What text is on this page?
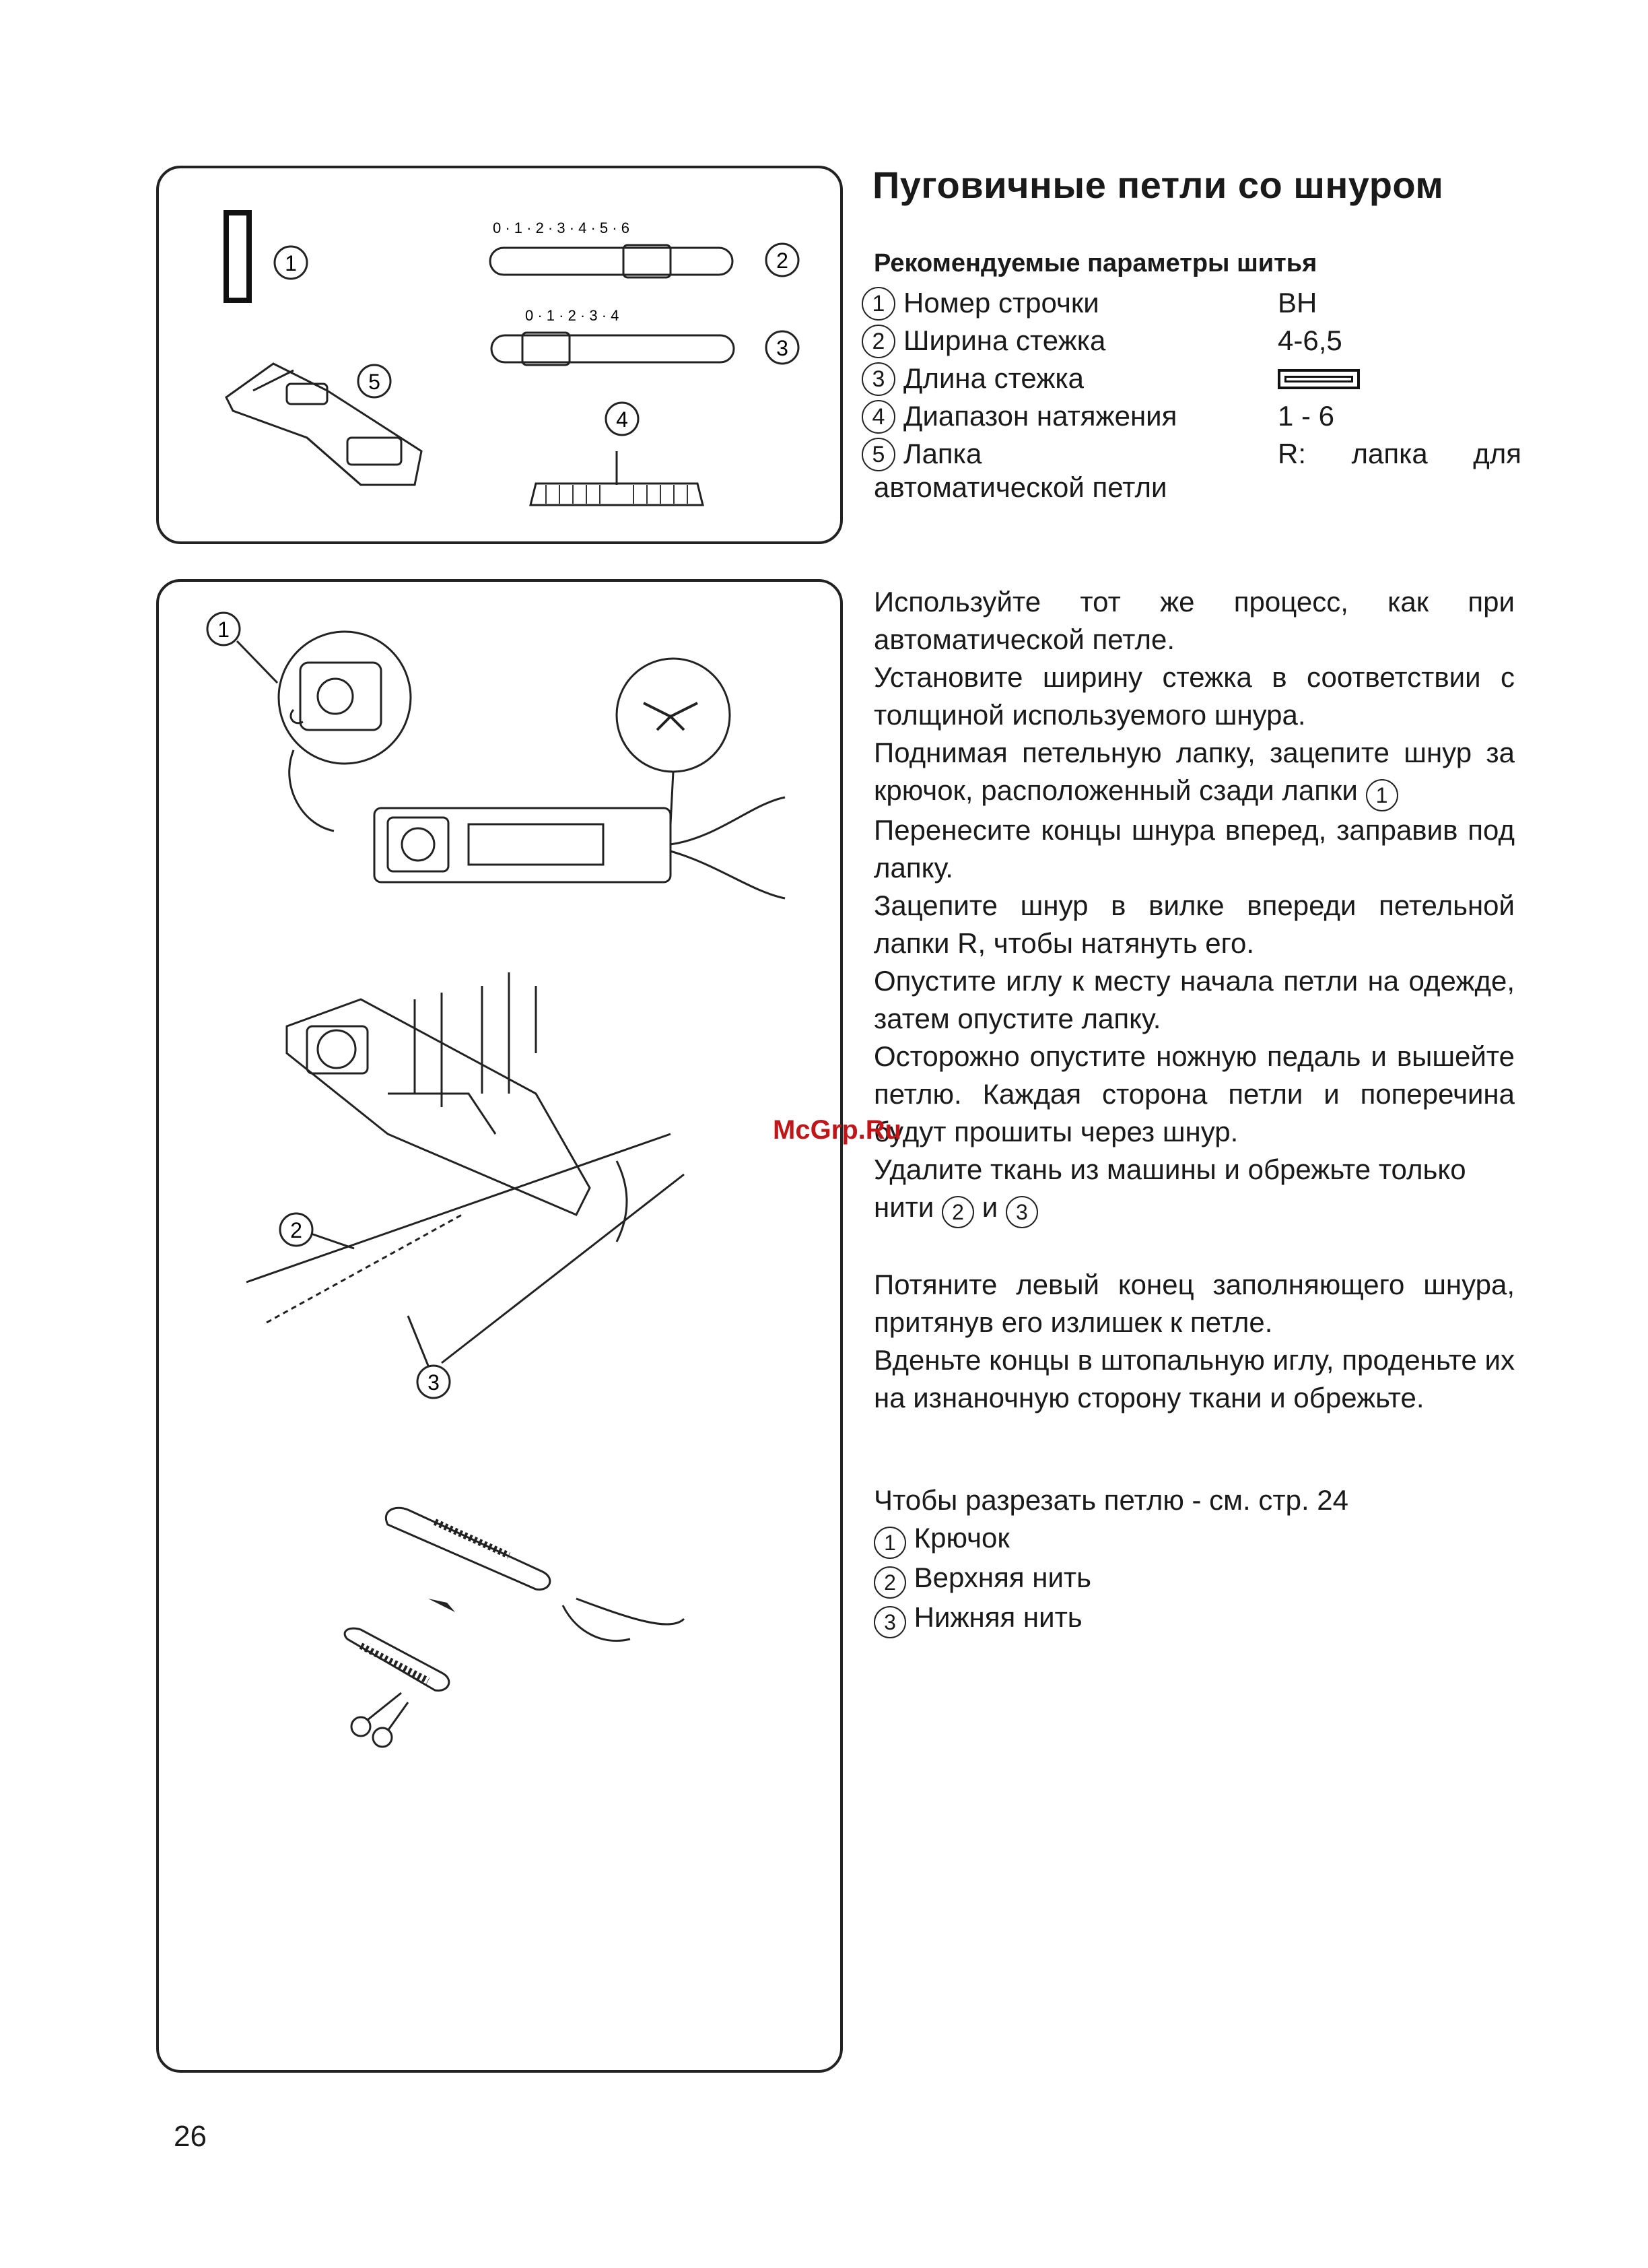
1
0 · 1 · 2 · 3 · 4 · 5 · 6
2
0 · 1 · 2 · 3 · 4
3
4
5
1
2
3
Пуговичные петли со шнуром
Рекомендуемые параметры шитья
1 Номер строчки	BH
2 Ширина стежка	4-6,5
3 Длина стежка
4 Диапазон натяжения	1 - 6
5 Лапка	R: лапка для
автоматической петли

Используйте тот же процесс, как при автоматической петле.

Установите ширину стежка в соответствии с толщиной используемого шнура.

Поднимая петельную лапку, зацепите шнур за крючок, расположенный сзади лапки 1

Перенесите концы шнура вперед, заправив под лапку.

Зацепите шнур в вилке впереди петельной лапки R, чтобы натянуть его.

Опустите иглу к месту начала петли на одежде, затем опустите лапку.

Осторожно опустите ножную педаль и вышейте петлю. Каждая сторона петли и поперечина будут прошиты через шнур.

Удалите ткань из машины и обрежьте только нити 2 и 3

Потяните левый конец заполняющего шнура, притянув его излишек к петле.

Вденьте концы в штопальную иглу, проденьте их на изнаночную сторону ткани и обрежьте.

Чтобы разрезать петлю - см. стр. 24
1 Крючок
2 Верхняя нить
3 Нижняя нить
McGrp.Ru
26
